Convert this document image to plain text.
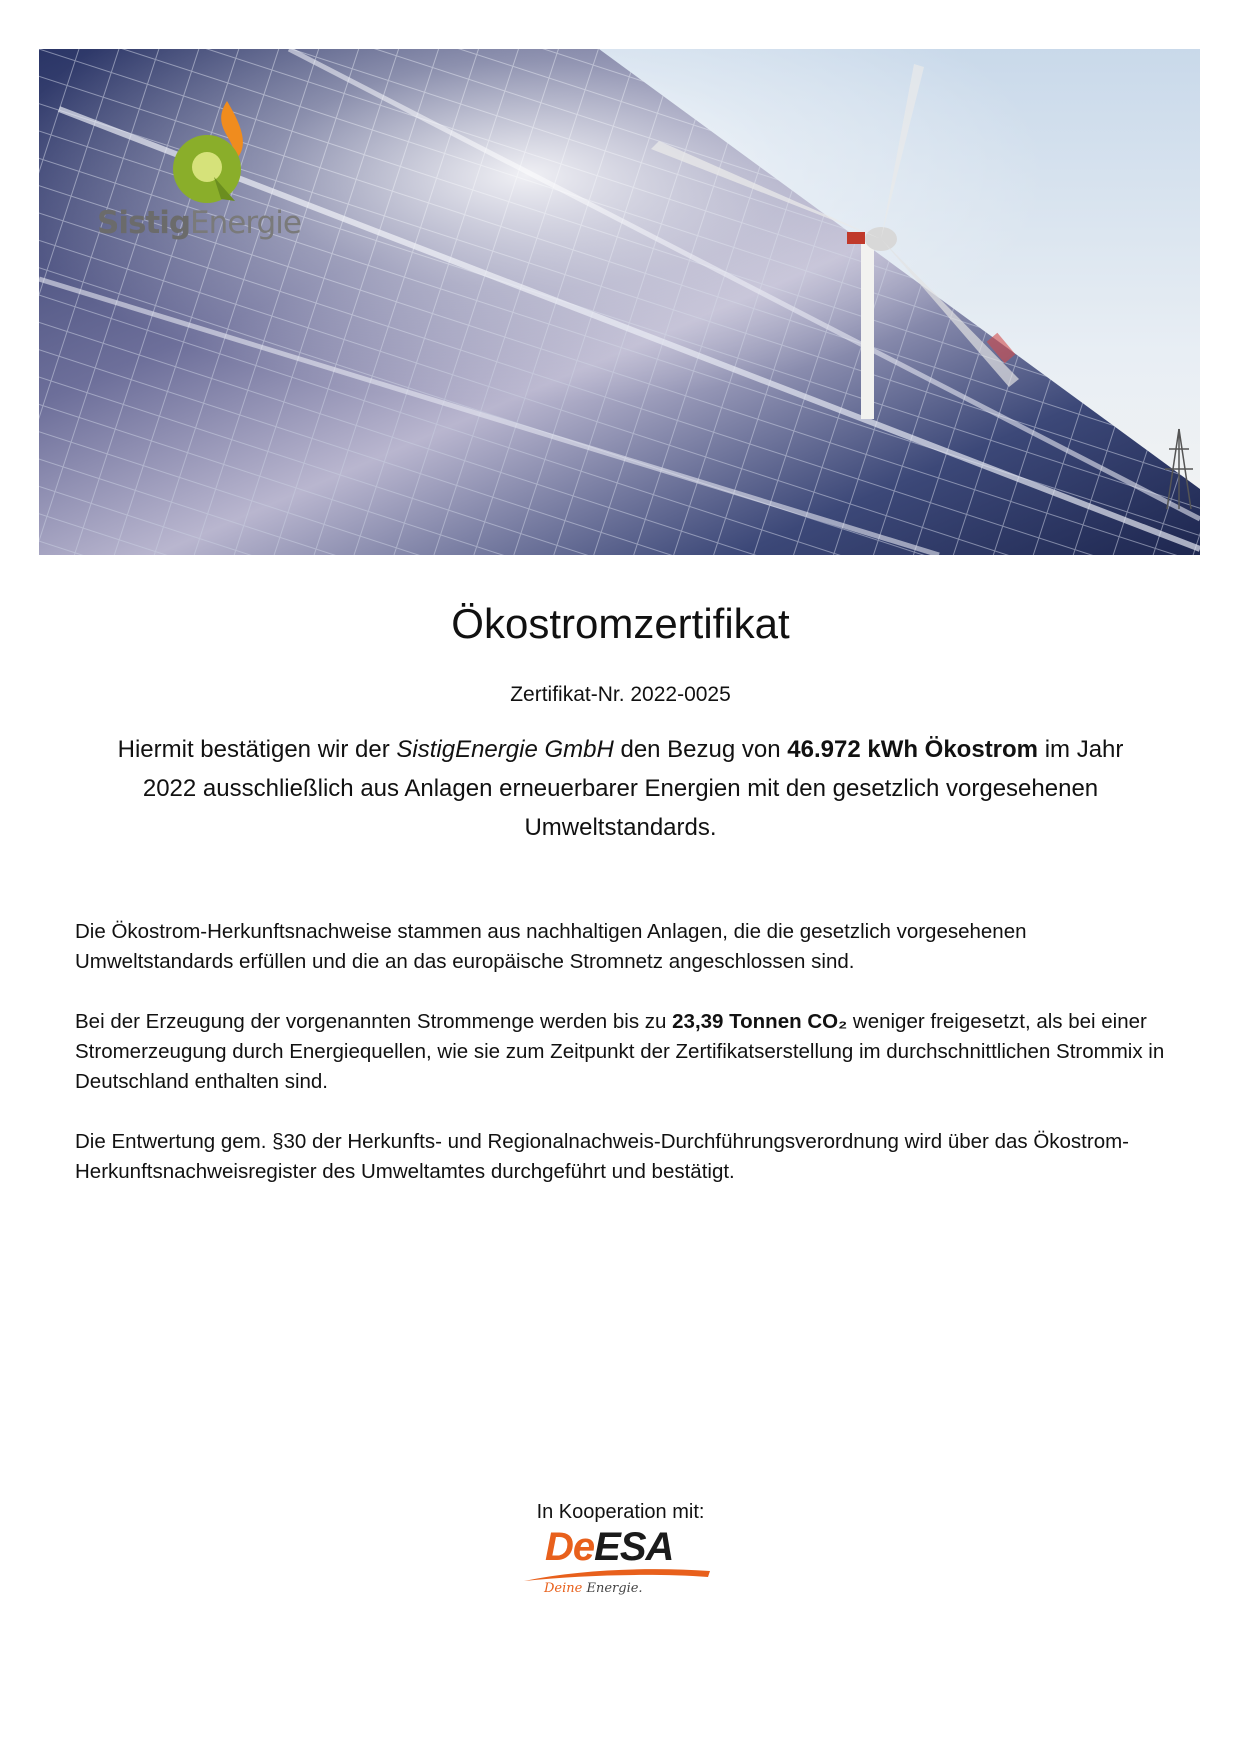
SistigEnergie
Ökostromzertifikat
Zertifikat-Nr. 2022-0025
Hiermit bestätigen wir der SistigEnergie GmbH den Bezug von 46.972 kWh Ökostrom im Jahr 2022 ausschließlich aus Anlagen erneuerbarer Energien mit den gesetzlich vorgesehenen Umweltstandards.
Die Ökostrom-Herkunftsnachweise stammen aus nachhaltigen Anlagen, die die gesetzlich vorgesehenen Umweltstandards erfüllen und die an das europäische Stromnetz angeschlossen sind.
Bei der Erzeugung der vorgenannten Strommenge werden bis zu 23,39 Tonnen CO₂ weniger freigesetzt, als bei einer Stromerzeugung durch Energiequellen, wie sie zum Zeitpunkt der Zertifikatserstellung im durchschnittlichen Strommix in Deutschland enthalten sind.
Die Entwertung gem. §30 der Herkunfts- und Regionalnachweis-Durchführungsverordnung wird über das Ökostrom-Herkunftsnachweisregister des Umweltamtes durchgeführt und bestätigt.
In Kooperation mit:
DeESA
Deine Energie.
